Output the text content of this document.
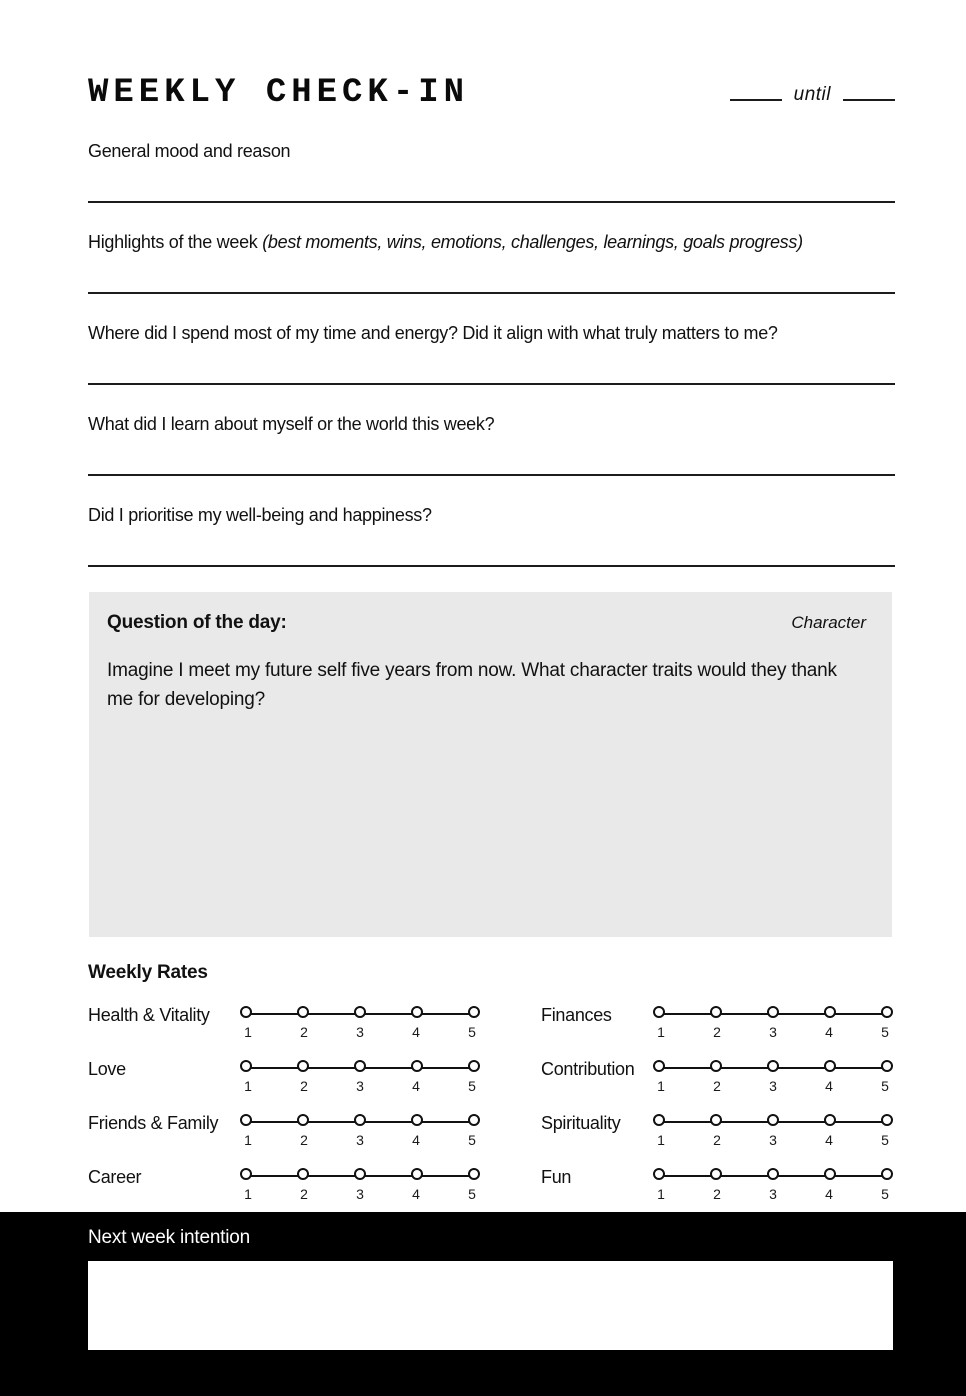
WEEKLY CHECK-IN	until
General mood and reason
Highlights of the week (best moments, wins, emotions, challenges, learnings, goals progress)
Where did I spend most of my time and energy? Did it align with what truly matters to me?
What did I learn about myself or the world this week?
Did I prioritise my well-being and happiness?
Question of the day:	Character

Imagine I meet my future self five years from now. What character traits would they thank me for developing?

Weekly Rates
Health & Vitality
1	2	3	4	5
Love
1	2	3	4	5
Friends & Family
1	2	3	4	5
Career
1	2	3	4	5
Finances
1	2	3	4	5
Contribution
1	2	3	4	5
Spirituality
1	2	3	4	5
Fun
1	2	3	4	5
Next week intention
